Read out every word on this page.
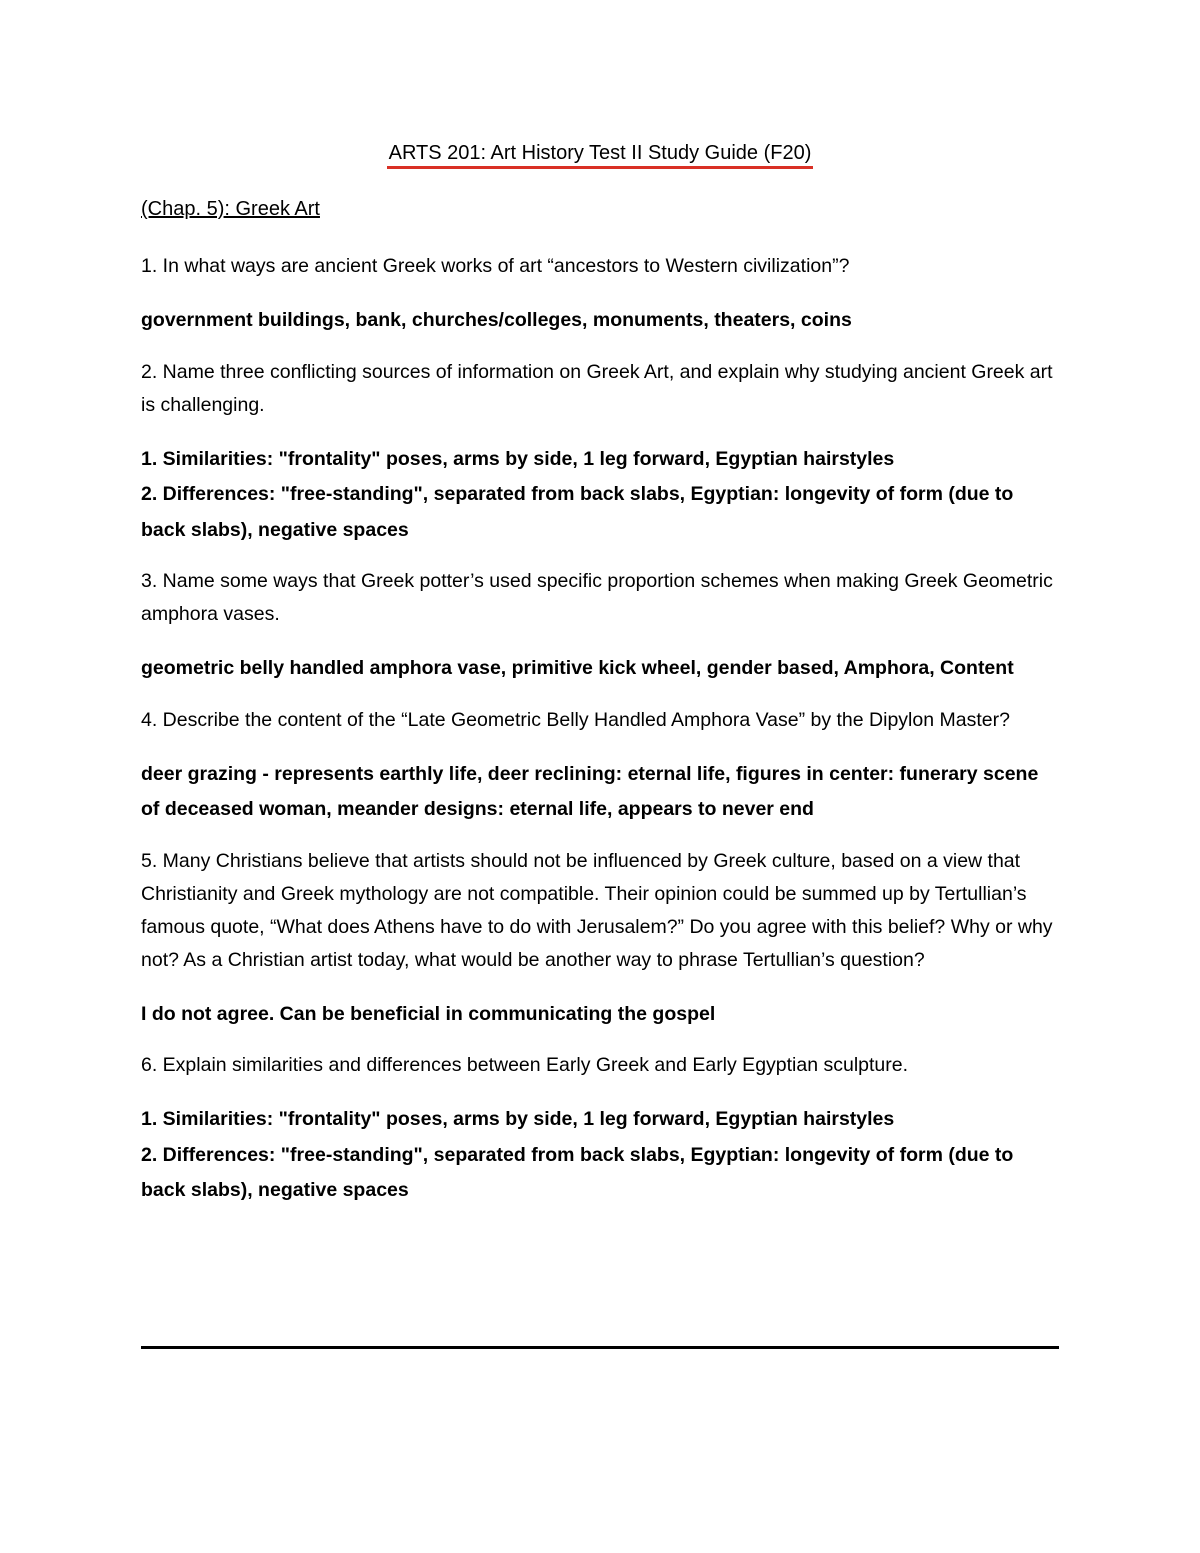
ARTS 201: Art History Test II Study Guide (F20)

(Chap. 5): Greek Art

1. In what ways are ancient Greek works of art “ancestors to Western civilization”?

government buildings, bank, churches/colleges, monuments, theaters, coins

2. Name three conflicting sources of information on Greek Art, and explain why studying ancient Greek art is challenging.

1. Similarities: "frontality" poses, arms by side, 1 leg forward, Egyptian hairstyles
2. Differences: "free-standing", separated from back slabs, Egyptian: longevity of form (due to back slabs), negative spaces

3. Name some ways that Greek potter’s used specific proportion schemes when making Greek Geometric amphora vases.

geometric belly handled amphora vase, primitive kick wheel, gender based, Amphora, Content

4. Describe the content of the “Late Geometric Belly Handled Amphora Vase” by the Dipylon Master?

deer grazing - represents earthly life, deer reclining: eternal life, figures in center: funerary scene of deceased woman, meander designs: eternal life, appears to never end

5. Many Christians believe that artists should not be influenced by Greek culture, based on a view that Christianity and Greek mythology are not compatible. Their opinion could be summed up by Tertullian’s famous quote, “What does Athens have to do with Jerusalem?” Do you agree with this belief? Why or why not? As a Christian artist today, what would be another way to phrase Tertullian’s question?

I do not agree. Can be beneficial in communicating the gospel

6. Explain similarities and differences between Early Greek and Early Egyptian sculpture.

1. Similarities: "frontality" poses, arms by side, 1 leg forward, Egyptian hairstyles
2. Differences: "free-standing", separated from back slabs, Egyptian: longevity of form (due to back slabs), negative spaces
